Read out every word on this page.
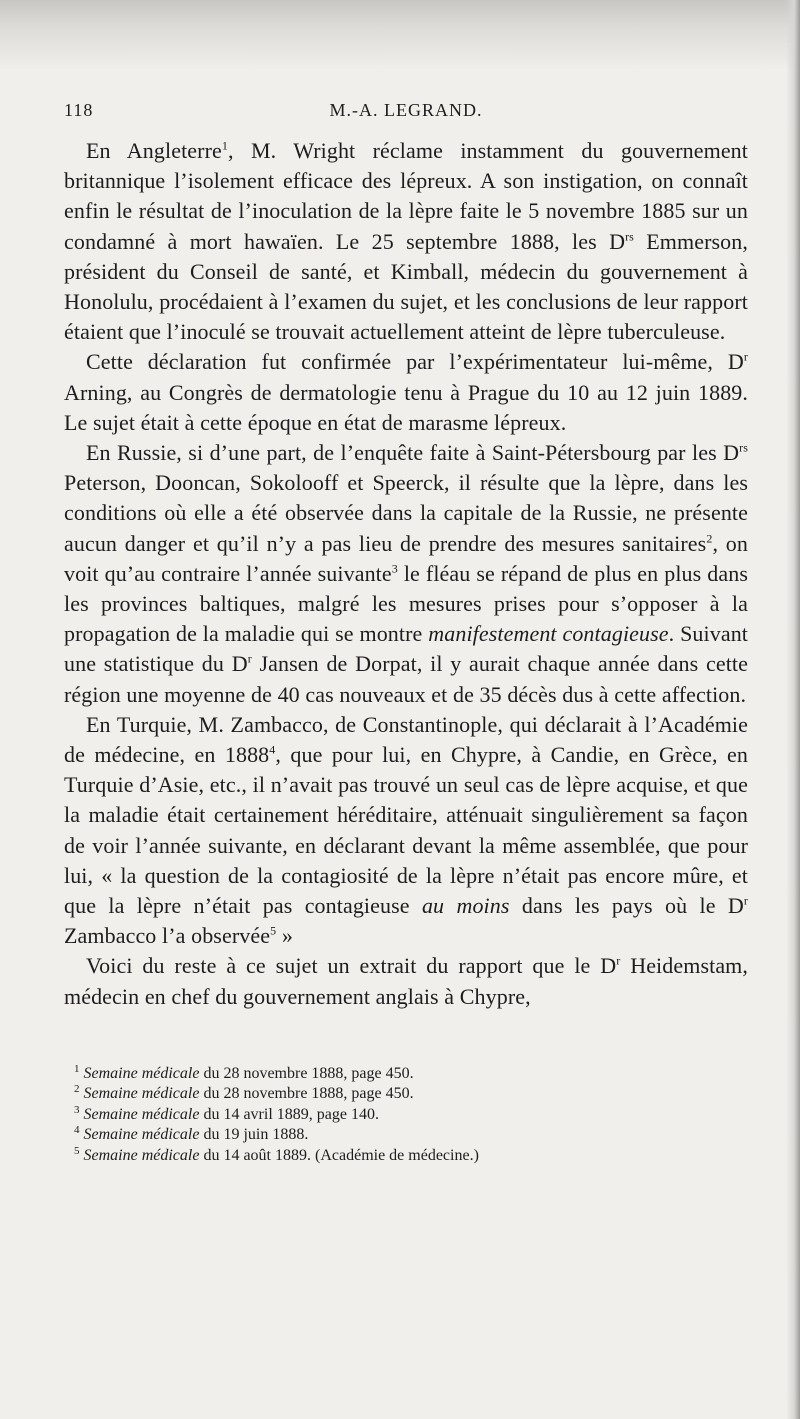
118	M.-A. LEGRAND.

En Angleterre$^1$, M. Wright réclame instamment du gouvernement britannique l’isolement efficace des lépreux. A son instigation, on connaît enfin le résultat de l’inoculation de la lèpre faite le 5 novembre 1885 sur un condamné à mort hawaïen. Le 25 septembre 1888, les $D^{rs}$ Emmerson, président du Conseil de santé, et Kimball, médecin du gouvernement à Honolulu, procédaient à l’examen du sujet, et les conclusions de leur rapport étaient que l’inoculé se trouvait actuellement atteint de lèpre tuberculeuse.

Cette déclaration fut confirmée par l’expérimentateur lui-même, $D^r$ Arning, au Congrès de dermatologie tenu à Prague du 10 au 12 juin 1889. Le sujet était à cette époque en état de marasme lépreux.

En Russie, si d’une part, de l’enquête faite à Saint-Pétersbourg par les $D^{rs}$ Peterson, Dooncan, Sokolooff et Speerck, il résulte que la lèpre, dans les conditions où elle a été observée dans la capitale de la Russie, ne présente aucun danger et qu’il n’y a pas lieu de prendre des mesures sanitaires$^2$, on voit qu’au contraire l’année suivante$^3$ le fléau se répand de plus en plus dans les provinces baltiques, malgré les mesures prises pour s’opposer à la propagation de la maladie qui se montre manifestement contagieuse. Suivant une statistique du $D^r$ Jansen de Dorpat, il y aurait chaque année dans cette région une moyenne de 40 cas nouveaux et de 35 décès dus à cette affection.

En Turquie, M. Zambacco, de Constantinople, qui déclarait à l’Académie de médecine, en 1888$^4$, que pour lui, en Chypre, à Candie, en Grèce, en Turquie d’Asie, etc., il n’avait pas trouvé un seul cas de lèpre acquise, et que la maladie était certainement héréditaire, atténuait singulièrement sa façon de voir l’année suivante, en déclarant devant la même assemblée, que pour lui, « la question de la contagiosité de la lèpre n’était pas encore mûre, et que la lèpre n’était pas contagieuse au moins dans les pays où le $D^r$ Zambacco l’a observée$^5$ »

Voici du reste à ce sujet un extrait du rapport que le $D^r$ Heidemstam, médecin en chef du gouvernement anglais à Chypre,

$^1$ Semaine médicale du 28 novembre 1888, page 450.
$^2$ Semaine médicale du 28 novembre 1888, page 450.
$^3$ Semaine médicale du 14 avril 1889, page 140.
$^4$ Semaine médicale du 19 juin 1888.
$^5$ Semaine médicale du 14 août 1889. (Académie de médecine.)
